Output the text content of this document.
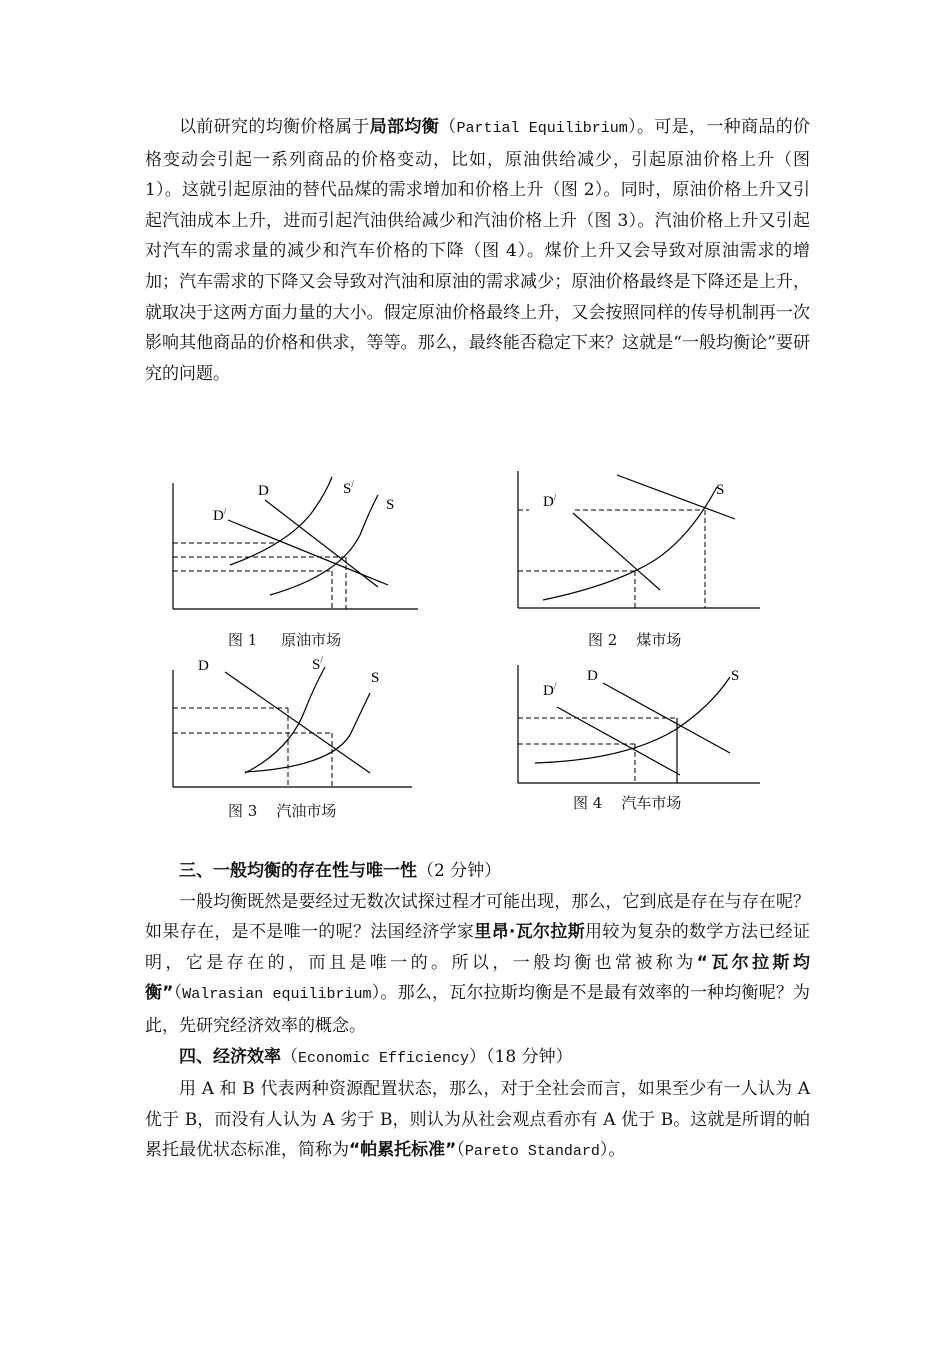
以前研究的均衡价格属于局部均衡（Partial Equilibrium）。可是，一种商品的价格变动会引起一系列商品的价格变动，比如，原油供给减少，引起原油价格上升（图 1）。这就引起原油的替代品煤的需求增加和价格上升（图 2）。同时，原油价格上升又引起汽油成本上升，进而引起汽油供给减少和汽油价格上升（图 3）。汽油价格上升又引起对汽车的需求量的减少和汽车价格的下降（图 4）。煤价上升又会导致对原油需求的增加；汽车需求的下降又会导致对汽油和原油的需求减少；原油价格最终是下降还是上升，就取决于这两方面力量的大小。假定原油价格最终上升，又会按照同样的传导机制再一次影响其他商品的价格和供求，等等。那么，最终能否稳定下来？这就是“一般均衡论”要研究的问题。

D	S/
D/	S
图 1     原油市场
D/	S
图 2    煤市场
D	S/
S
图 3    汽油市场
D/
D	S
图 4    汽车市场

三、一般均衡的存在性与唯一性（2 分钟）

一般均衡既然是要经过无数次试探过程才可能出现，那么，它到底是存在与存在呢？如果存在，是不是唯一的呢？法国经济学家里昂·瓦尔拉斯用较为复杂的数学方法已经证明，它是存在的，而且是唯一的。所以，一般均衡也常被称为“瓦尔拉斯均衡”（Walrasian equilibrium）。那么，瓦尔拉斯均衡是不是最有效率的一种均衡呢？为此，先研究经济效率的概念。

四、经济效率（Economic Efficiency）（18 分钟）

用 A 和 B 代表两种资源配置状态，那么，对于全社会而言，如果至少有一人认为 A 优于 B，而没有人认为 A 劣于 B，则认为从社会观点看亦有 A 优于 B。这就是所谓的帕累托最优状态标准，简称为“帕累托标准”（Pareto Standard）。
